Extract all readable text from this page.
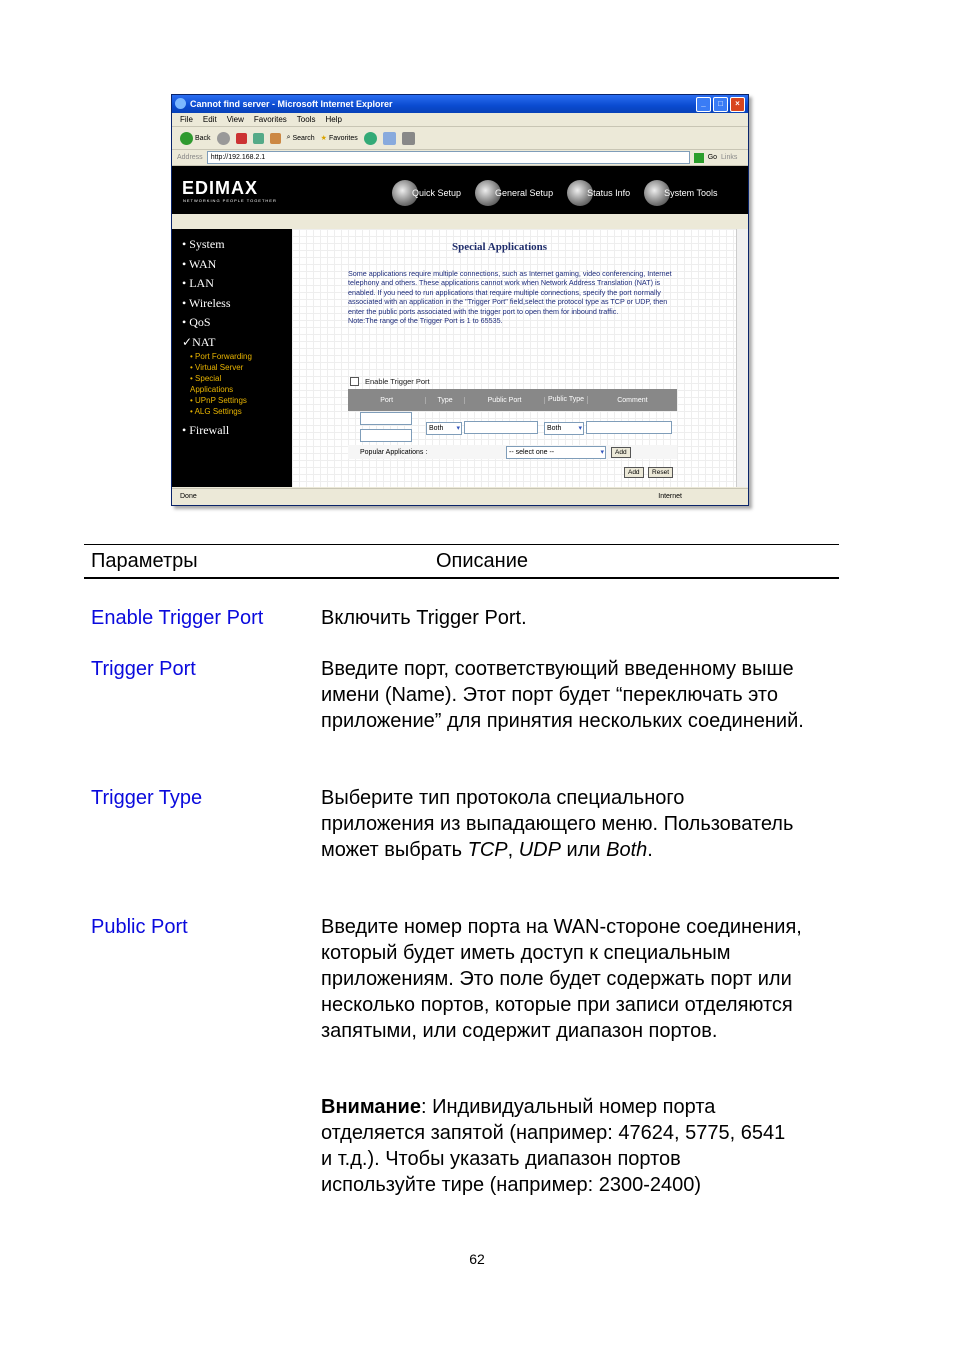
Cannot find server - Microsoft Internet Explorer	_	□	×
File Edit View Favorites Tools Help
Back	⌕ Search ★ Favorites
Address	http://192.168.2.1	Go Links
EDIMAX
NETWORKING PEOPLE TOGETHER
Quick Setup	General Setup	Status Info	System Tools
• System
• WAN
• LAN
• Wireless
• QoS
✓NAT
• Port Forwarding
• Virtual Server
• Special Applications
• UPnP Settings
• ALG Settings
• Firewall
Special Applications
Some applications require multiple connections, such as Internet gaming, video conferencing, Internet telephony and others. These applications cannot work when Network Address Translation (NAT) is enabled. If you need to run applications that require multiple connections, specify the port normally associated with an application in the "Trigger Port" field,select the protocol type as TCP or UDP, then enter the public ports associated with the trigger port to open them for inbound traffic.
Note:The range of the Trigger Port is 1 to 65535.
Enable Trigger Port
Port	Type	Public Port	Public Type	Comment

Both ▾	Both ▾
Popular Applications :	-- select one -- ▾	Add
Add Reset
Done	Internet
Параметры	Описание
Enable Trigger Port	Включить Trigger Port.
Trigger Port	Введите порт, соответствующий введенному выше имени (Name). Этот порт будет “переключать это приложение” для принятия нескольких соединений.
Trigger Type	Выберите тип протокола специального приложения из выпадающего меню. Пользователь может выбрать TCP, UDP или Both.
Public Port	Введите номер порта на WAN-стороне соединения, который будет иметь доступ к специальным приложениям. Это поле будет содержать порт или несколько портов, которые при записи отделяются запятыми, или содержит диапазон портов.
Внимание: Индивидуальный номер порта отделяется запятой (например: 47624, 5775, 6541 и т.д.). Чтобы указать диапазон портов используйте тире (например: 2300-2400)
62
